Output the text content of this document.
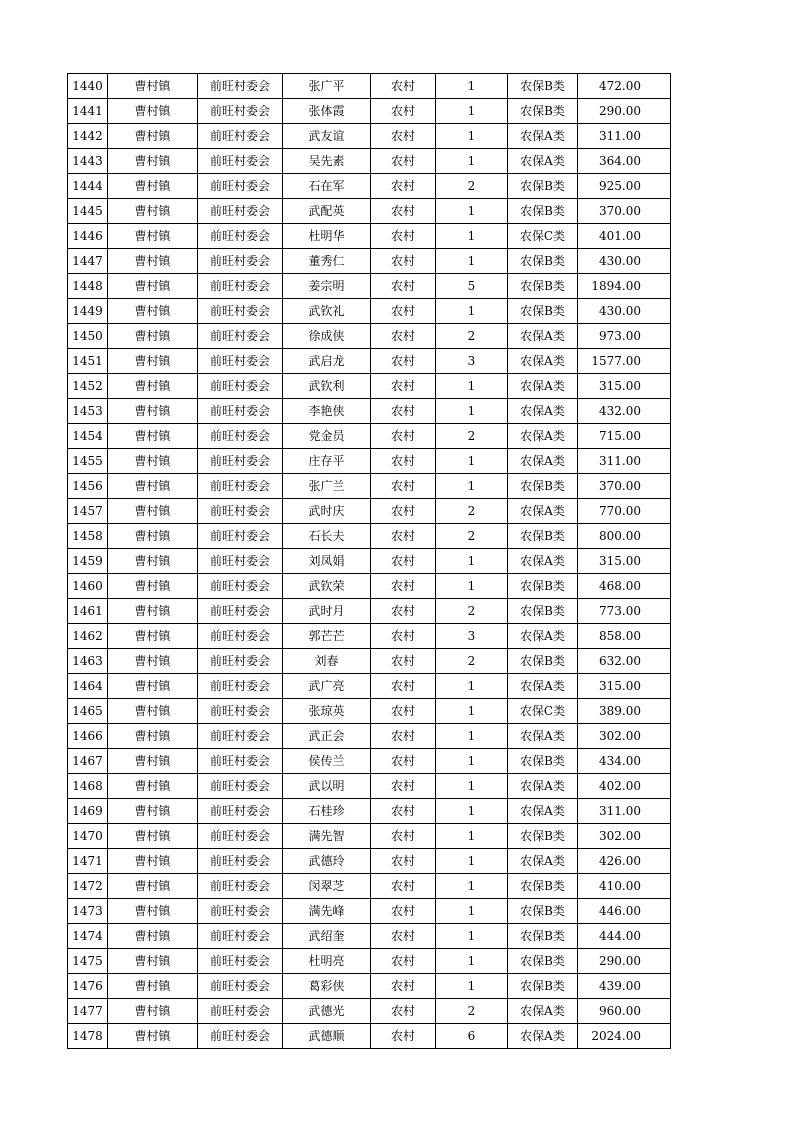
1440	曹村镇	前旺村委会	张广平	农村	1	农保B类	472.00
1441	曹村镇	前旺村委会	张体霞	农村	1	农保B类	290.00
1442	曹村镇	前旺村委会	武友谊	农村	1	农保A类	311.00
1443	曹村镇	前旺村委会	吴先素	农村	1	农保A类	364.00
1444	曹村镇	前旺村委会	石在军	农村	2	农保B类	925.00
1445	曹村镇	前旺村委会	武配英	农村	1	农保B类	370.00
1446	曹村镇	前旺村委会	杜明华	农村	1	农保C类	401.00
1447	曹村镇	前旺村委会	董秀仁	农村	1	农保B类	430.00
1448	曹村镇	前旺村委会	姜宗明	农村	5	农保B类	1894.00
1449	曹村镇	前旺村委会	武钦礼	农村	1	农保B类	430.00
1450	曹村镇	前旺村委会	徐成侠	农村	2	农保A类	973.00
1451	曹村镇	前旺村委会	武启龙	农村	3	农保A类	1577.00
1452	曹村镇	前旺村委会	武钦利	农村	1	农保A类	315.00
1453	曹村镇	前旺村委会	李艳侠	农村	1	农保A类	432.00
1454	曹村镇	前旺村委会	党金员	农村	2	农保A类	715.00
1455	曹村镇	前旺村委会	庄存平	农村	1	农保A类	311.00
1456	曹村镇	前旺村委会	张广兰	农村	1	农保B类	370.00
1457	曹村镇	前旺村委会	武时庆	农村	2	农保A类	770.00
1458	曹村镇	前旺村委会	石长夫	农村	2	农保B类	800.00
1459	曹村镇	前旺村委会	刘凤娟	农村	1	农保A类	315.00
1460	曹村镇	前旺村委会	武钦荣	农村	1	农保B类	468.00
1461	曹村镇	前旺村委会	武时月	农村	2	农保B类	773.00
1462	曹村镇	前旺村委会	郭芒芒	农村	3	农保A类	858.00
1463	曹村镇	前旺村委会	刘春	农村	2	农保B类	632.00
1464	曹村镇	前旺村委会	武广亮	农村	1	农保A类	315.00
1465	曹村镇	前旺村委会	张琼英	农村	1	农保C类	389.00
1466	曹村镇	前旺村委会	武正会	农村	1	农保A类	302.00
1467	曹村镇	前旺村委会	侯传兰	农村	1	农保B类	434.00
1468	曹村镇	前旺村委会	武以明	农村	1	农保A类	402.00
1469	曹村镇	前旺村委会	石桂珍	农村	1	农保A类	311.00
1470	曹村镇	前旺村委会	满先智	农村	1	农保B类	302.00
1471	曹村镇	前旺村委会	武德玲	农村	1	农保A类	426.00
1472	曹村镇	前旺村委会	闵翠芝	农村	1	农保B类	410.00
1473	曹村镇	前旺村委会	满先峰	农村	1	农保B类	446.00
1474	曹村镇	前旺村委会	武绍奎	农村	1	农保B类	444.00
1475	曹村镇	前旺村委会	杜明亮	农村	1	农保B类	290.00
1476	曹村镇	前旺村委会	葛彩侠	农村	1	农保B类	439.00
1477	曹村镇	前旺村委会	武德光	农村	2	农保A类	960.00
1478	曹村镇	前旺村委会	武德顺	农村	6	农保A类	2024.00
